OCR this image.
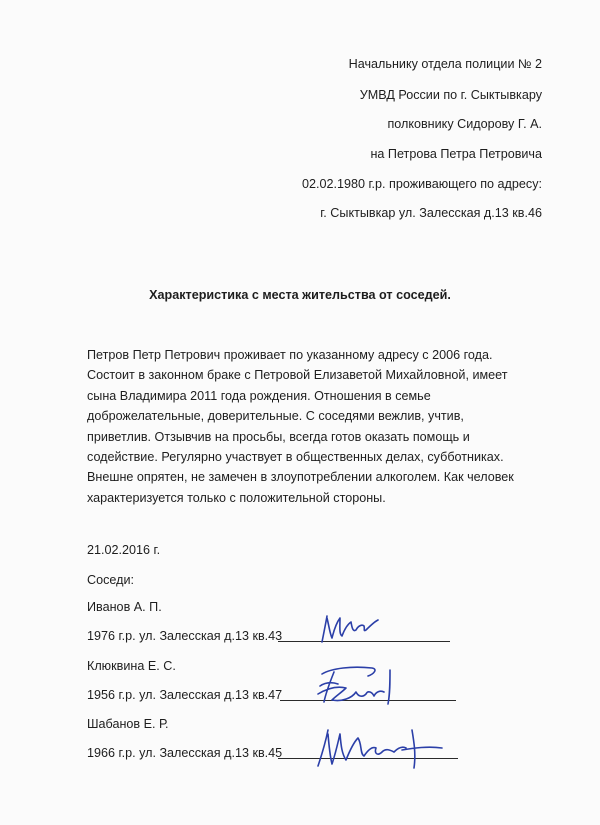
Начальнику отдела полиции № 2
УМВД России по г. Сыктывкару
полковнику Сидорову Г. А.
на Петрова Петра Петровича
02.02.1980 г.р. проживающего по адресу:
г. Сыктывкар ул. Залесская д.13 кв.46
Характеристика с места жительства от соседей.

Петров Петр Петрович проживает по указанному адресу с 2006 года. Состоит в законном браке с Петровой Елизаветой Михайловной, имеет сына Владимира 2011 года рождения. Отношения в семье доброжелательные, доверительные. С соседями вежлив, учтив, приветлив. Отзывчив на просьбы, всегда готов оказать помощь и содействие. Регулярно участвует в общественных делах, субботниках. Внешне опрятен, не замечен в злоупотреблении алкоголем. Как человек характеризуется только с положительной стороны.

21.02.2016 г.
Соседи:
Иванов А. П.
1976 г.р. ул. Залесская д.13 кв.43
Клюквина Е. С.
1956 г.р. ул. Залесская д.13 кв.47
Шабанов Е. Р.
1966 г.р. ул. Залесская д.13 кв.45
